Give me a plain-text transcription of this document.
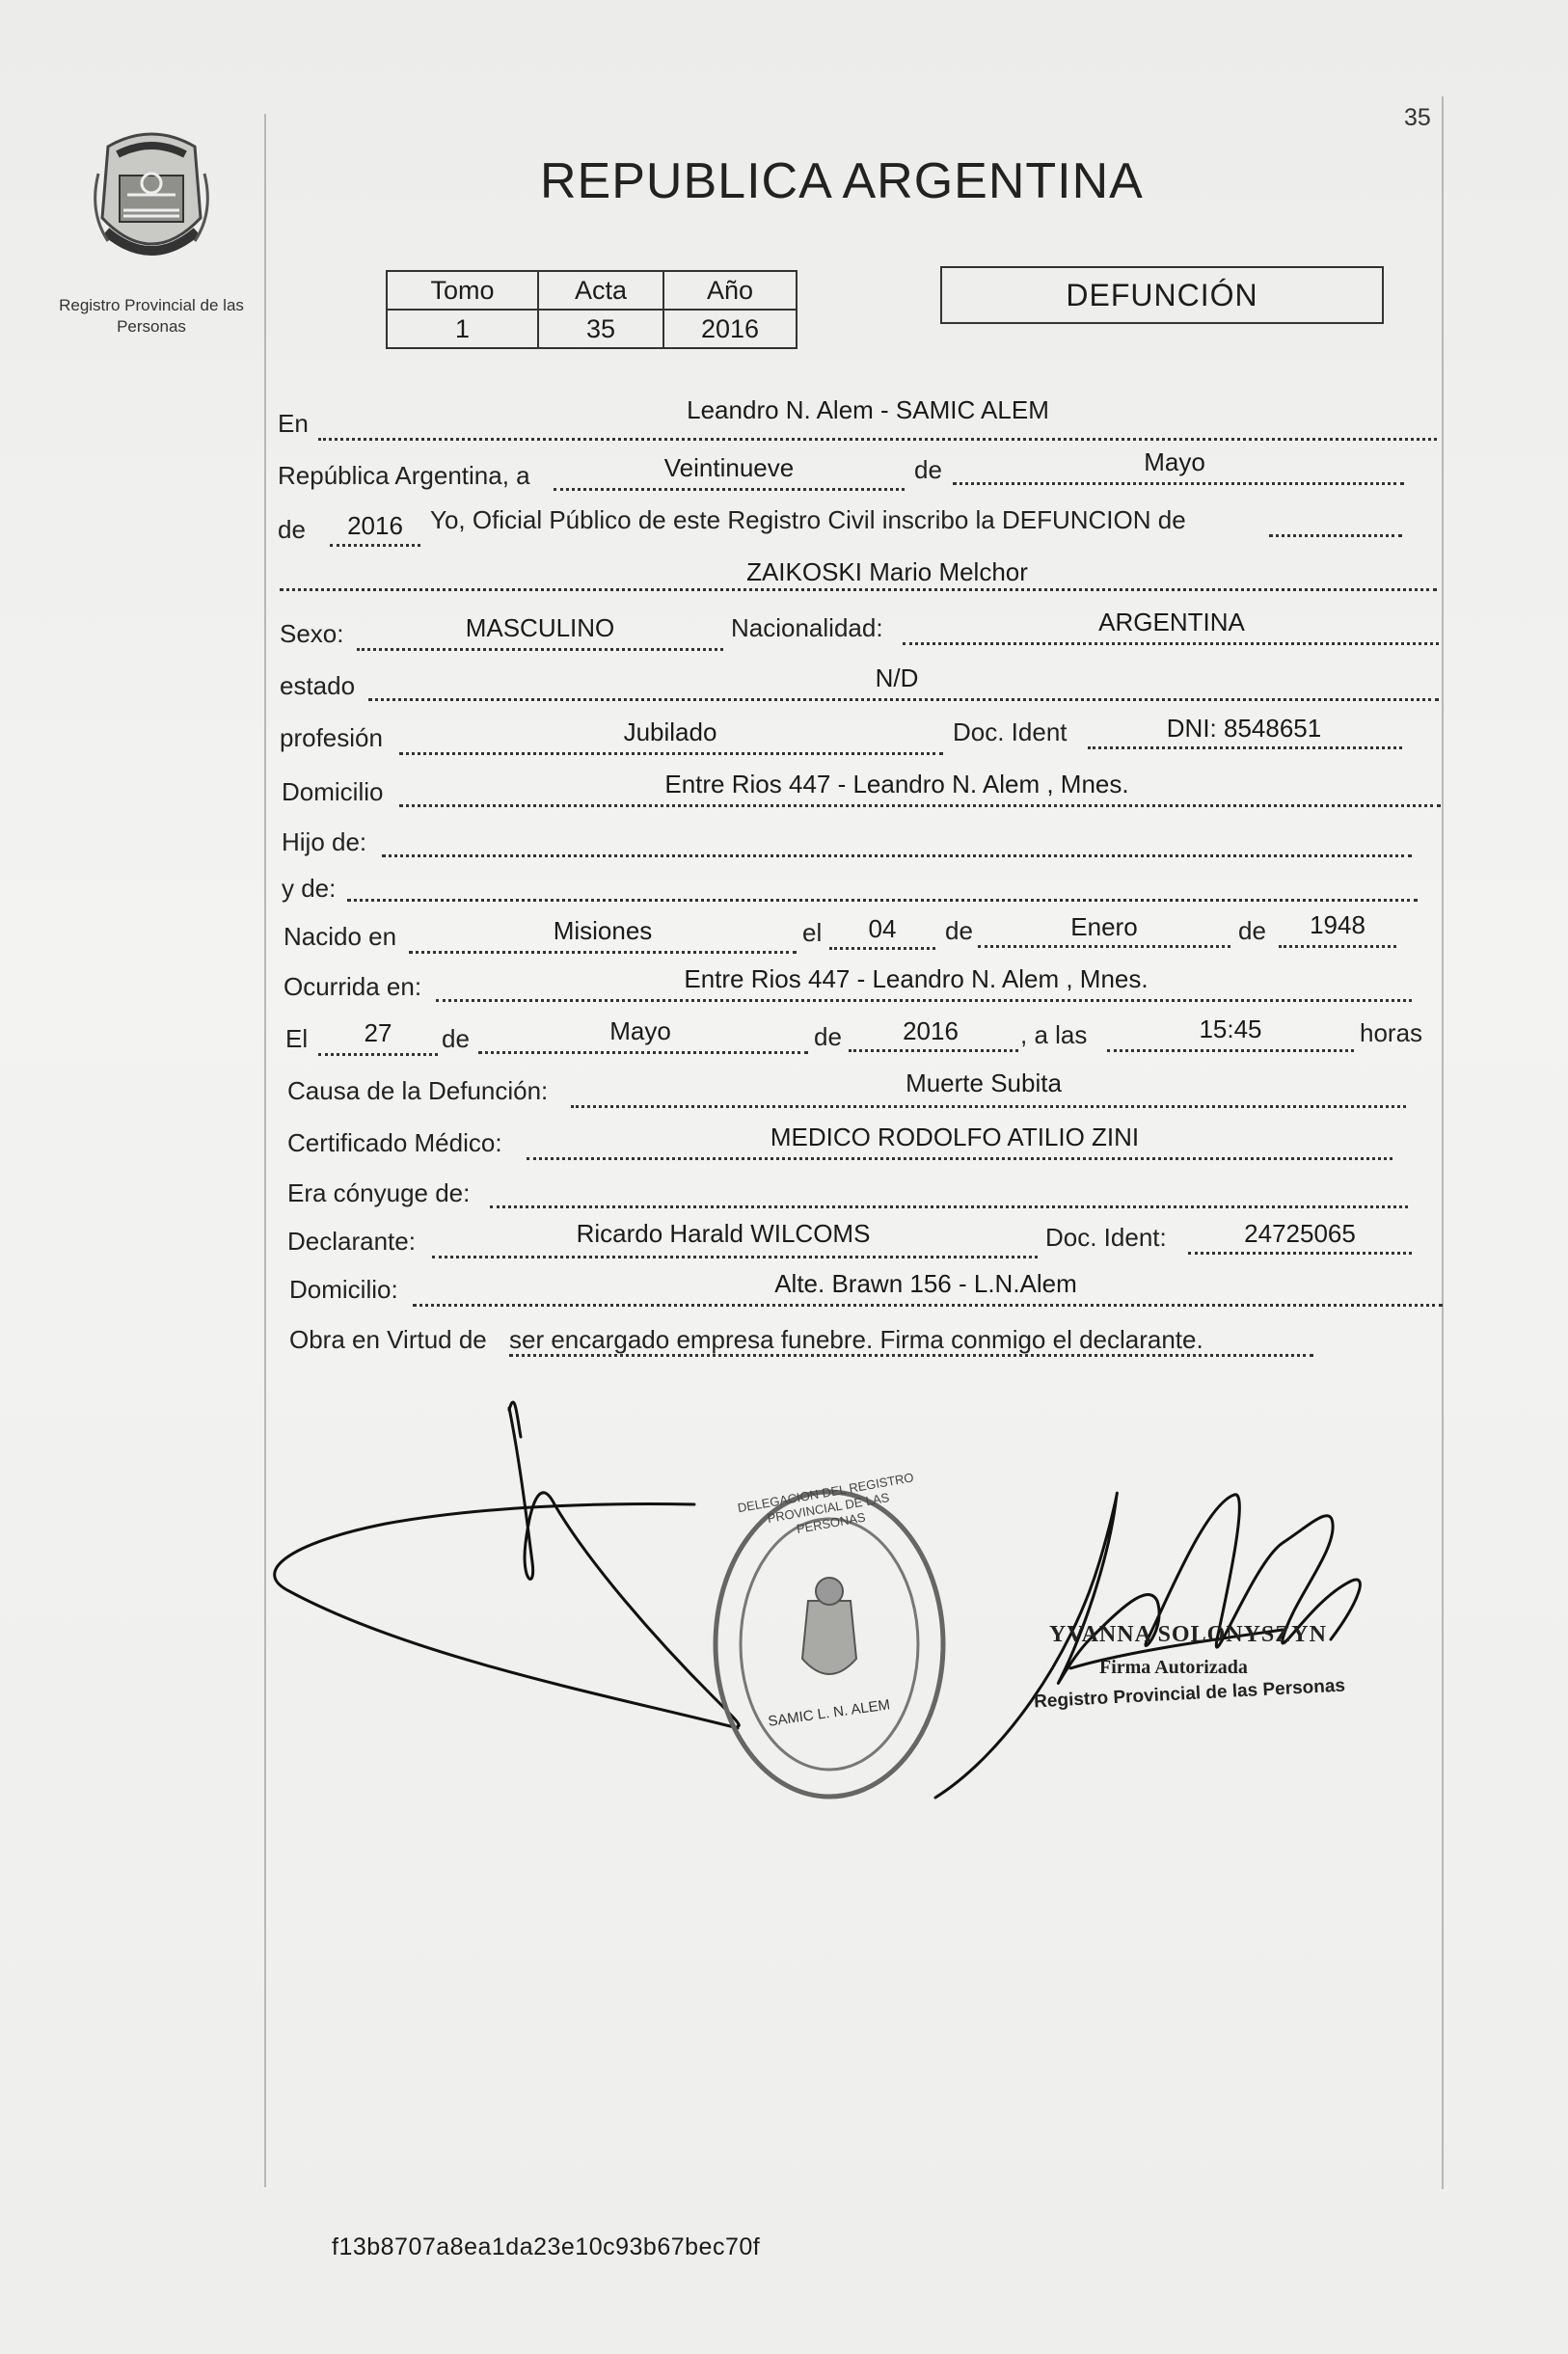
35
Registro Provincial de las Personas
REPUBLICA ARGENTINA
Tomo	Acta	Año
1	35	2016
DEFUNCIÓN
En	Leandro N. Alem - SAMIC ALEM
República Argentina, a	Veintinueve	de	Mayo
de	2016	Yo, Oficial Público de este Registro Civil inscribo la DEFUNCION de
ZAIKOSKI Mario Melchor
Sexo:	MASCULINO	Nacionalidad:	ARGENTINA
estado	N/D
profesión	Jubilado	Doc. Ident	DNI: 8548651
Domicilio	Entre Rios 447 - Leandro N. Alem , Mnes.
Hijo de:
y de:
Nacido en	Misiones	el	04	de	Enero	de	1948
Ocurrida en:	Entre Rios 447 - Leandro N. Alem , Mnes.
El	27	de	Mayo	de	2016	, a las	15:45	horas
Causa de la Defunción:	Muerte Subita
Certificado Médico:	MEDICO RODOLFO ATILIO ZINI
Era cónyuge de:
Declarante:	Ricardo Harald WILCOMS	Doc. Ident:	24725065
Domicilio:	Alte. Brawn 156 - L.N.Alem
Obra en Virtud de ser encargado empresa funebre. Firma conmigo el declarante.
DELEGACION DEL REGISTRO PROVINCIAL DE LAS PERSONAS
SAMIC L. N. ALEM
YVANNA SOLONYSZYN
Firma Autorizada
Registro Provincial de las Personas
f13b8707a8ea1da23e10c93b67bec70f
